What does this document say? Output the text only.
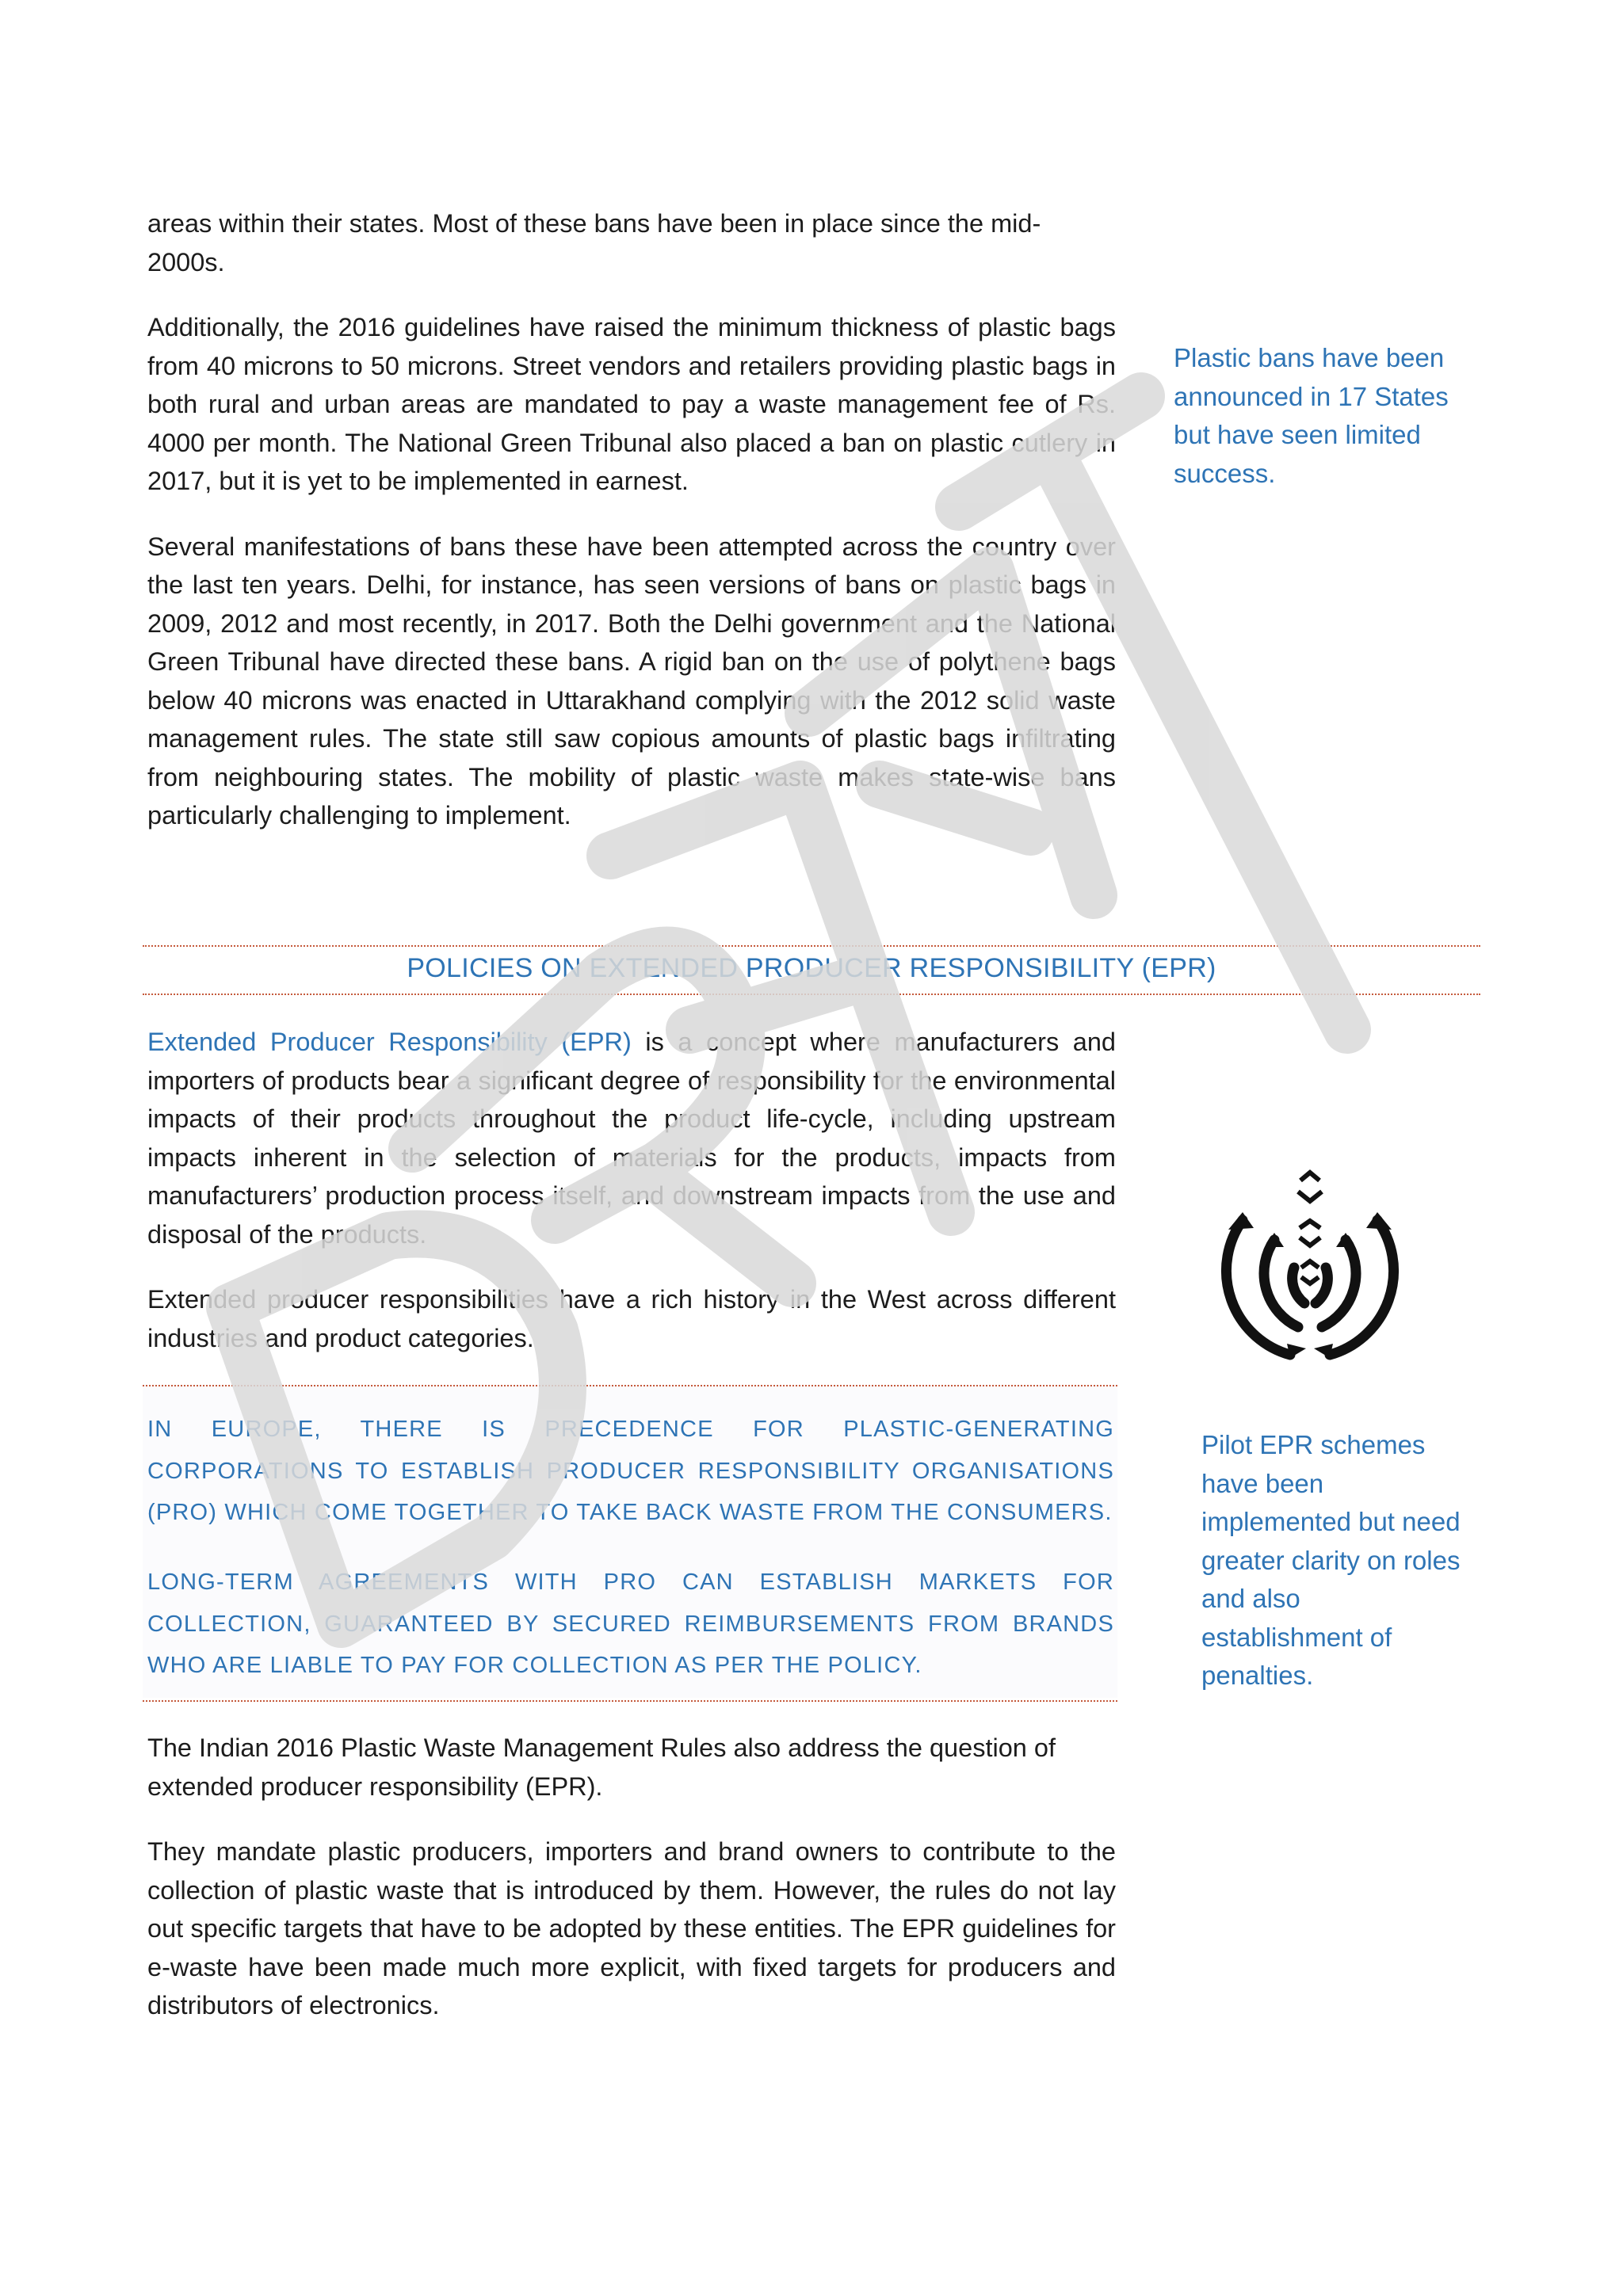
areas within their states. Most of these bans have been in place since the mid-2000s.

Additionally, the 2016 guidelines have raised the minimum thickness of plastic bags from 40 microns to 50 microns. Street vendors and retailers providing plastic bags in both rural and urban areas are mandated to pay a waste management fee of Rs. 4000 per month. The National Green Tribunal also placed a ban on plastic cutlery in 2017, but it is yet to be implemented in earnest.

Several manifestations of bans these have been attempted across the country over the last ten years. Delhi, for instance, has seen versions of bans on plastic bags in 2009, 2012 and most recently, in 2017. Both the Delhi government and the National Green Tribunal have directed these bans. A rigid ban on the use of polythene bags below 40 microns was enacted in Uttarakhand complying with the 2012 solid waste management rules. The state still saw copious amounts of plastic bags infiltrating from neighbouring states. The mobility of plastic waste makes state-wise bans particularly challenging to implement.

Plastic bans have been announced in 17 States but have seen limited success.
POLICIES ON EXTENDED PRODUCER RESPONSIBILITY (EPR)

Extended Producer Responsibility (EPR) is a concept where manufacturers and importers of products bear a significant degree of responsibility for the environmental impacts of their products throughout the product life-cycle, including upstream impacts inherent in the selection of materials for the products, impacts from manufacturers’ production process itself, and downstream impacts from the use and disposal of the products.

Extended producer responsibilities have a rich history in the West across different industries and product categories.

IN EUROPE, THERE IS PRECEDENCE FOR PLASTIC-GENERATING CORPORATIONS TO ESTABLISH PRODUCER RESPONSIBILITY ORGANISATIONS (PRO) WHICH COME TOGETHER TO TAKE BACK WASTE FROM THE CONSUMERS.

LONG-TERM AGREEMENTS WITH PRO CAN ESTABLISH MARKETS FOR COLLECTION, GUARANTEED BY SECURED REIMBURSEMENTS FROM BRANDS WHO ARE LIABLE TO PAY FOR COLLECTION AS PER THE POLICY.

Pilot EPR schemes have been implemented but need greater clarity on roles and also establishment of penalties.

The Indian 2016 Plastic Waste Management Rules also address the question of extended producer responsibility (EPR).

They mandate plastic producers, importers and brand owners to contribute to the collection of plastic waste that is introduced by them. However, the rules do not lay out specific targets that have to be adopted by these entities. The EPR guidelines for e-waste have been made much more explicit, with fixed targets for producers and distributors of electronics.
